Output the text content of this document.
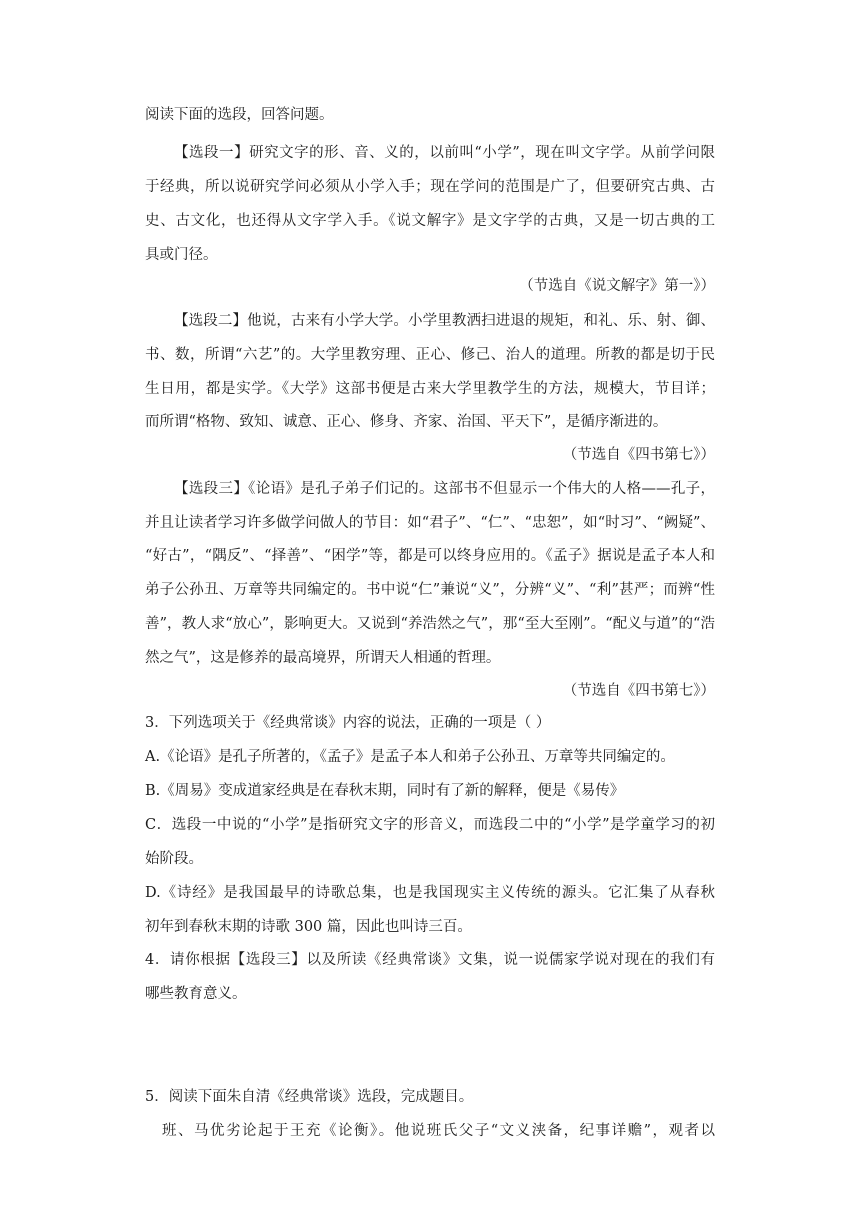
阅读下面的选段，回答问题。
【选段一】研究文字的形、音、义的，以前叫“小学”，现在叫文字学。从前学问限
于经典，所以说研究学问必须从小学入手；现在学问的范围是广了，但要研究古典、古
史、古文化，也还得从文字学入手。《说文解字》是文字学的古典，又是一切古典的工
具或门径。
（节选自《说文解字》第一》）
【选段二】他说，古来有小学大学。小学里教洒扫进退的规矩，和礼、乐、射、御、
书、数，所谓“六艺”的。大学里教穷理、正心、修己、治人的道理。所教的都是切于民
生日用，都是实学。《大学》这部书便是古来大学里教学生的方法，规模大，节目详；
而所谓“格物、致知、诚意、正心、修身、齐家、治国、平天下”，是循序渐进的。
（节选自《四书第七》）
【选段三】《论语》是孔子弟子们记的。这部书不但显示一个伟大的人格——孔子，
并且让读者学习许多做学问做人的节目：如“君子”、“仁”、“忠恕”，如“时习”、“阙疑”、
“好古”，“隅反”、“择善”、“困学”等，都是可以终身应用的。《孟子》据说是孟子本人和
弟子公孙丑、万章等共同编定的。书中说“仁”兼说“义”，分辨“义”、“利”甚严；而辨“性
善”，教人求“放心”，影响更大。又说到“养浩然之气”，那“至大至刚”。“配义与道”的“浩
然之气”，这是修养的最高境界，所谓天人相通的哲理。
（节选自《四书第七》）
3．下列选项关于《经典常谈》内容的说法，正确的一项是（ ）
A.《论语》是孔子所著的，《孟子》是孟子本人和弟子公孙丑、万章等共同编定的。
B.《周易》变成道家经典是在春秋末期，同时有了新的解释，便是《易传》
C．选段一中说的“小学”是指研究文字的形音义，而选段二中的“小学”是学童学习的初
始阶段。
D.《诗经》是我国最早的诗歌总集，也是我国现实主义传统的源头。它汇集了从春秋
初年到春秋末期的诗歌 300 篇，因此也叫诗三百。
4．请你根据【选段三】以及所读《经典常谈》文集，说一说儒家学说对现在的我们有
哪些教育意义。
5．阅读下面朱自清《经典常谈》选段，完成题目。
班、马优劣论起于王充《论衡》。他说班氏父子“文义浃备，纪事详赡”，观者以
